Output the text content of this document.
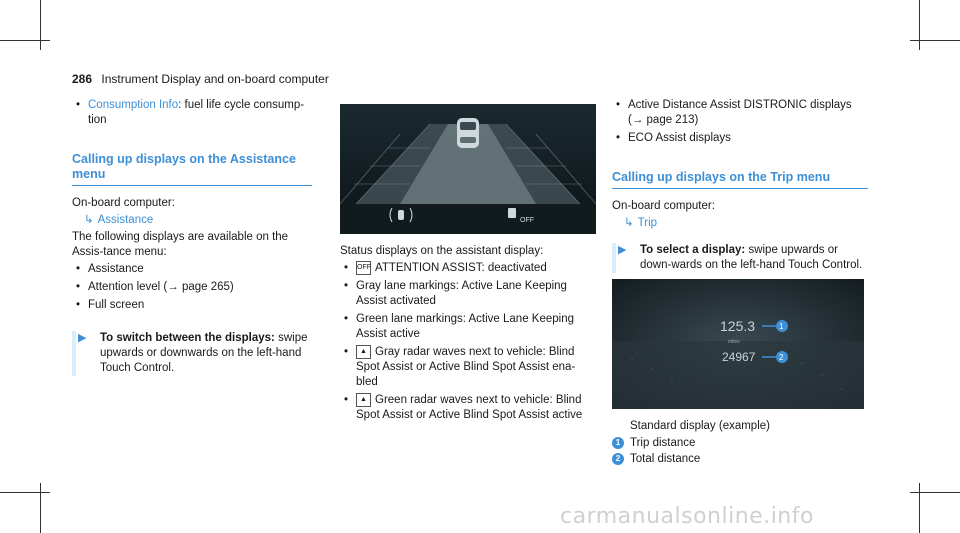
286 Instrument Display and on-board computer
• Consumption Info: fuel life cycle consump-tion
Calling up displays on the Assistance menu
On-board computer:
↳ Assistance
The following displays are available on the Assis-tance menu:
• Assistance
• Attention level (→ page 265)
• Full screen
▶	To switch between the displays: swipe upwards or downwards on the left-hand Touch Control.
OFF
Status displays on the assistant display:
• OFF ATTENTION ASSIST: deactivated
• Gray lane markings: Active Lane Keeping Assist activated
• Green lane markings: Active Lane Keeping Assist active
• ▲ Gray radar waves next to vehicle: Blind Spot Assist or Active Blind Spot Assist ena-bled
• ▲ Green radar waves next to vehicle: Blind Spot Assist or Active Blind Spot Assist active
• Active Distance Assist DISTRONIC displays (→ page 213)
• ECO Assist displays
Calling up displays on the Trip menu
On-board computer:
↳ Trip
▶	To select a display: swipe upwards or down-wards on the left-hand Touch Control.
125.3
miles
24967
1
2
Standard display (example)
1 Trip distance
2 Total distance
carmanualsonline.info
